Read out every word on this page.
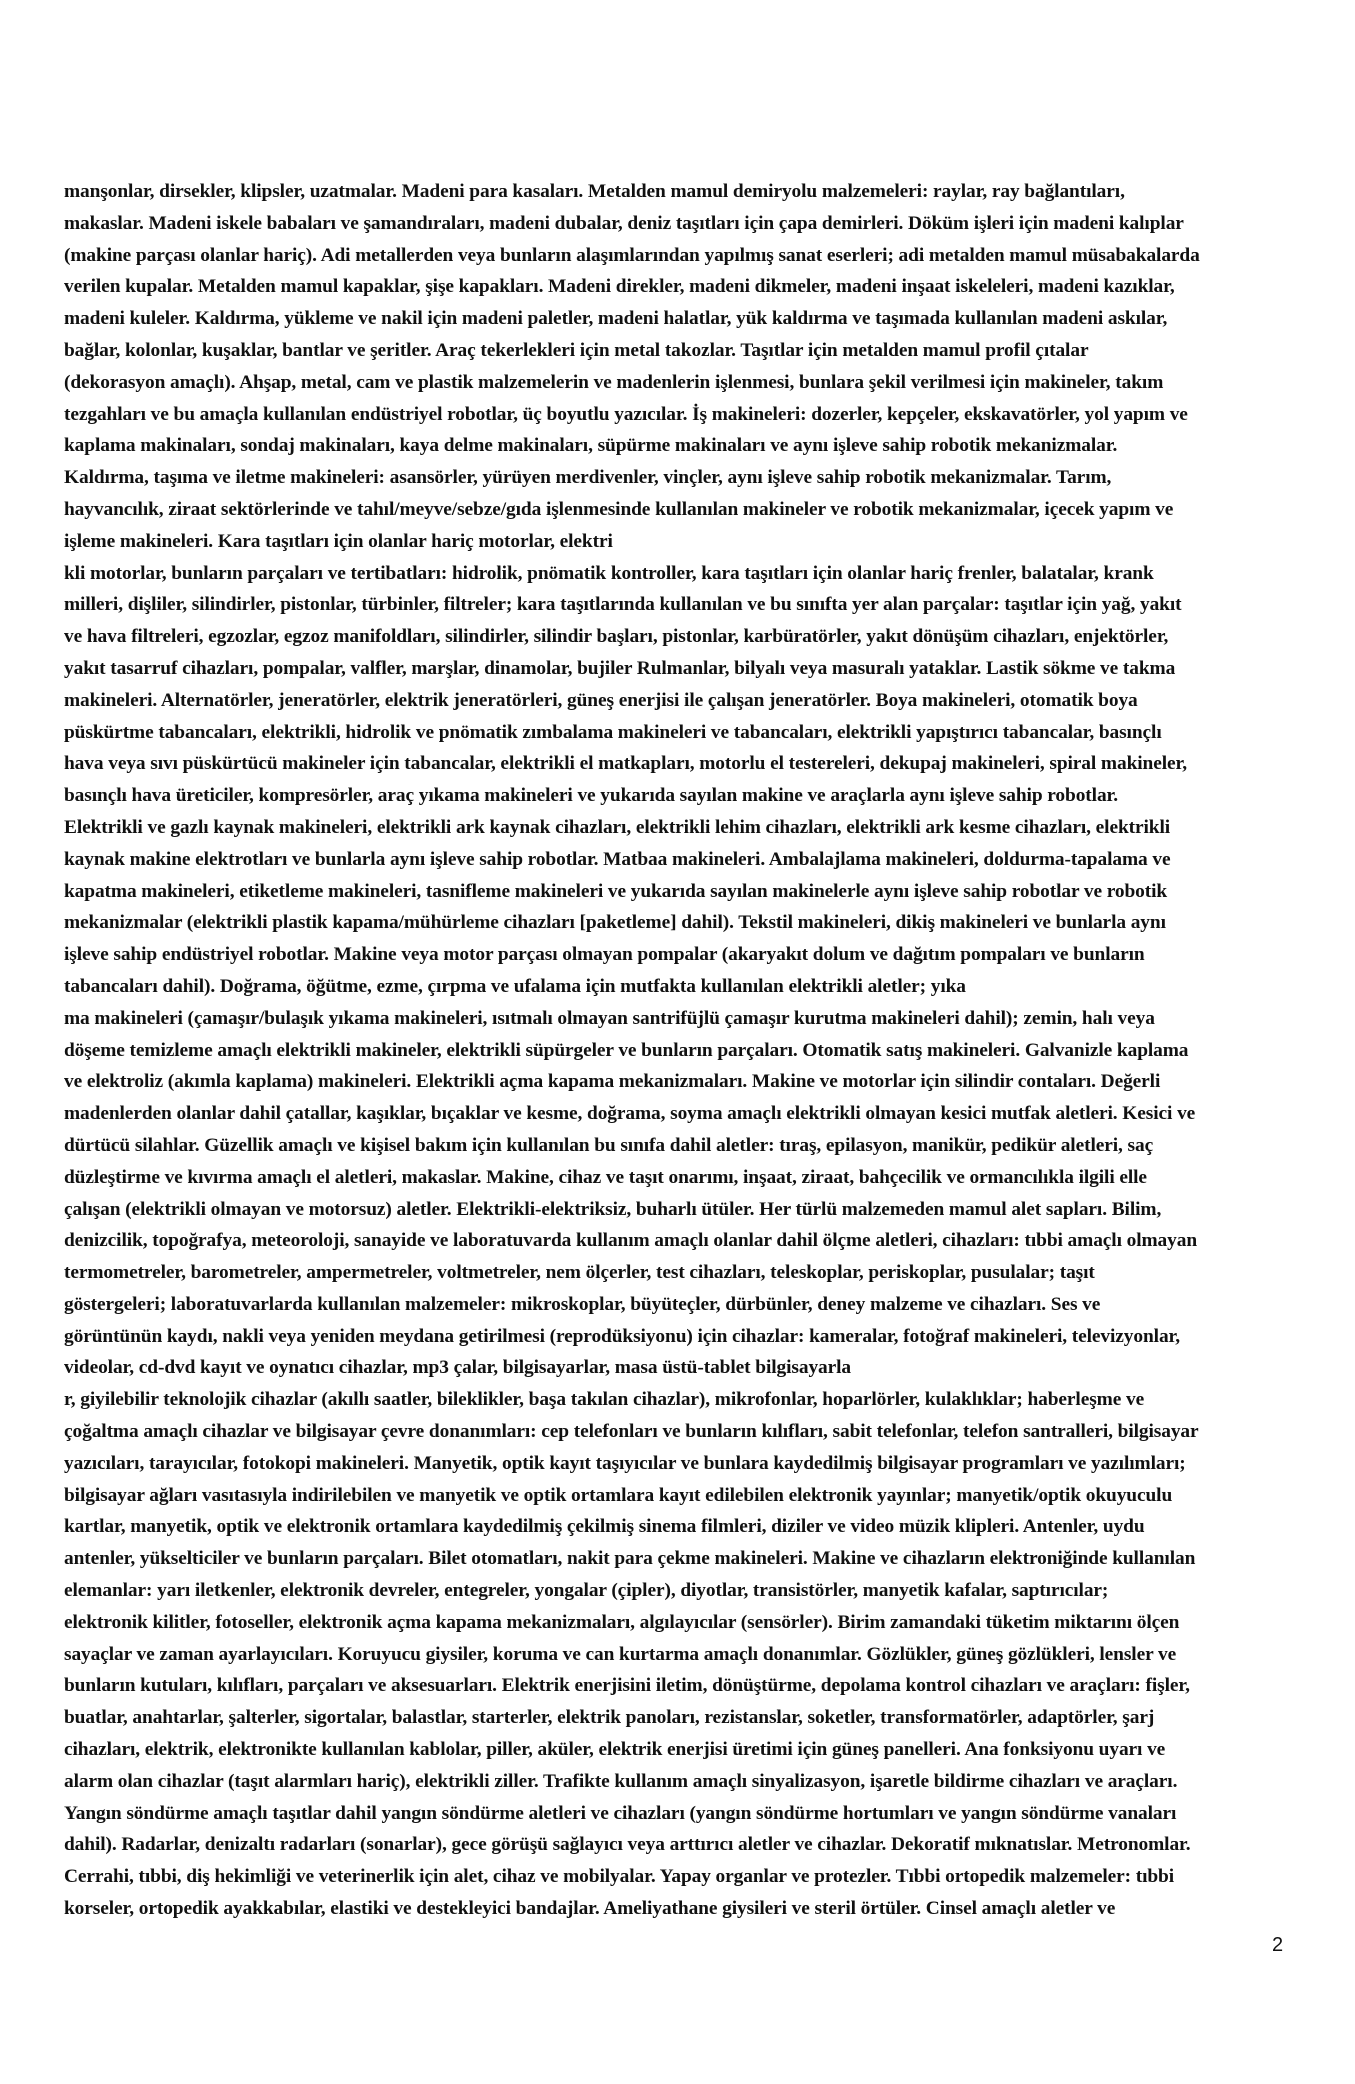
manşonlar, dirsekler, klipsler, uzatmalar. Madeni para kasaları. Metalden mamul demiryolu malzemeleri: raylar, ray bağlantıları,
makaslar. Madeni iskele babaları ve şamandıraları, madeni dubalar, deniz taşıtları için çapa demirleri. Döküm işleri için madeni kalıplar
(makine parçası olanlar hariç). Adi metallerden veya bunların alaşımlarından yapılmış sanat eserleri; adi metalden mamul müsabakalarda
verilen kupalar. Metalden mamul kapaklar, şişe kapakları. Madeni direkler, madeni dikmeler, madeni inşaat iskeleleri, madeni kazıklar,
madeni kuleler. Kaldırma, yükleme ve nakil için madeni paletler, madeni halatlar, yük kaldırma ve taşımada kullanılan madeni askılar,
bağlar, kolonlar, kuşaklar, bantlar ve şeritler. Araç tekerlekleri için metal takozlar. Taşıtlar için metalden mamul profil çıtalar
(dekorasyon amaçlı). Ahşap, metal, cam ve plastik malzemelerin ve madenlerin işlenmesi, bunlara şekil verilmesi için makineler, takım
tezgahları ve bu amaçla kullanılan endüstriyel robotlar, üç boyutlu yazıcılar. İş makineleri: dozerler, kepçeler, ekskavatörler, yol yapım ve
kaplama makinaları, sondaj makinaları, kaya delme makinaları, süpürme makinaları ve aynı işleve sahip robotik mekanizmalar.
Kaldırma, taşıma ve iletme makineleri: asansörler, yürüyen merdivenler, vinçler, aynı işleve sahip robotik mekanizmalar. Tarım,
hayvancılık, ziraat sektörlerinde ve tahıl/meyve/sebze/gıda işlenmesinde kullanılan makineler ve robotik mekanizmalar, içecek yapım ve
işleme makineleri. Kara taşıtları için olanlar hariç motorlar, elektri
kli motorlar, bunların parçaları ve tertibatları: hidrolik, pnömatik kontroller, kara taşıtları için olanlar hariç frenler, balatalar, krank
milleri, dişliler, silindirler, pistonlar, türbinler, filtreler; kara taşıtlarında kullanılan ve bu sınıfta yer alan parçalar: taşıtlar için yağ, yakıt
ve hava filtreleri, egzozlar, egzoz manifoldları, silindirler, silindir başları, pistonlar, karbüratörler, yakıt dönüşüm cihazları, enjektörler,
yakıt tasarruf cihazları, pompalar, valfler, marşlar, dinamolar, bujiler Rulmanlar, bilyalı veya masuralı yataklar. Lastik sökme ve takma
makineleri. Alternatörler, jeneratörler, elektrik jeneratörleri, güneş enerjisi ile çalışan jeneratörler. Boya makineleri, otomatik boya
püskürtme tabancaları, elektrikli, hidrolik ve pnömatik zımbalama makineleri ve tabancaları, elektrikli yapıştırıcı tabancalar, basınçlı
hava veya sıvı püskürtücü makineler için tabancalar, elektrikli el matkapları, motorlu el testereleri, dekupaj makineleri, spiral makineler,
basınçlı hava üreticiler, kompresörler, araç yıkama makineleri ve yukarıda sayılan makine ve araçlarla aynı işleve sahip robotlar.
Elektrikli ve gazlı kaynak makineleri, elektrikli ark kaynak cihazları, elektrikli lehim cihazları, elektrikli ark kesme cihazları, elektrikli
kaynak makine elektrotları ve bunlarla aynı işleve sahip robotlar. Matbaa makineleri. Ambalajlama makineleri, doldurma-tapalama ve
kapatma makineleri, etiketleme makineleri, tasnifleme makineleri ve yukarıda sayılan makinelerle aynı işleve sahip robotlar ve robotik
mekanizmalar (elektrikli plastik kapama/mühürleme cihazları [paketleme] dahil). Tekstil makineleri, dikiş makineleri ve bunlarla aynı
işleve sahip endüstriyel robotlar. Makine veya motor parçası olmayan pompalar (akaryakıt dolum ve dağıtım pompaları ve bunların
tabancaları dahil). Doğrama, öğütme, ezme, çırpma ve ufalama için mutfakta kullanılan elektrikli aletler; yıka
ma makineleri (çamaşır/bulaşık yıkama makineleri, ısıtmalı olmayan santrifüjlü çamaşır kurutma makineleri dahil); zemin, halı veya
döşeme temizleme amaçlı elektrikli makineler, elektrikli süpürgeler ve bunların parçaları. Otomatik satış makineleri. Galvanizle kaplama
ve elektroliz (akımla kaplama) makineleri. Elektrikli açma kapama mekanizmaları. Makine ve motorlar için silindir contaları. Değerli
madenlerden olanlar dahil çatallar, kaşıklar, bıçaklar ve kesme, doğrama, soyma amaçlı elektrikli olmayan kesici mutfak aletleri. Kesici ve
dürtücü silahlar. Güzellik amaçlı ve kişisel bakım için kullanılan bu sınıfa dahil aletler: tıraş, epilasyon, manikür, pedikür aletleri, saç
düzleştirme ve kıvırma amaçlı el aletleri, makaslar. Makine, cihaz ve taşıt onarımı, inşaat, ziraat, bahçecilik ve ormancılıkla ilgili elle
çalışan (elektrikli olmayan ve motorsuz) aletler. Elektrikli-elektriksiz, buharlı ütüler. Her türlü malzemeden mamul alet sapları. Bilim,
denizcilik, topoğrafya, meteoroloji, sanayide ve laboratuvarda kullanım amaçlı olanlar dahil ölçme aletleri, cihazları: tıbbi amaçlı olmayan
termometreler, barometreler, ampermetreler, voltmetreler, nem ölçerler, test cihazları, teleskoplar, periskoplar, pusulalar; taşıt
göstergeleri; laboratuvarlarda kullanılan malzemeler: mikroskoplar, büyüteçler, dürbünler, deney malzeme ve cihazları. Ses ve
görüntünün kaydı, nakli veya yeniden meydana getirilmesi (reprodüksiyonu) için cihazlar: kameralar, fotoğraf makineleri, televizyonlar,
videolar, cd-dvd kayıt ve oynatıcı cihazlar, mp3 çalar, bilgisayarlar, masa üstü-tablet bilgisayarla
r, giyilebilir teknolojik cihazlar (akıllı saatler, bileklikler, başa takılan cihazlar), mikrofonlar, hoparlörler, kulaklıklar; haberleşme ve
çoğaltma amaçlı cihazlar ve bilgisayar çevre donanımları: cep telefonları ve bunların kılıfları, sabit telefonlar, telefon santralleri, bilgisayar
yazıcıları, tarayıcılar, fotokopi makineleri. Manyetik, optik kayıt taşıyıcılar ve bunlara kaydedilmiş bilgisayar programları ve yazılımları;
bilgisayar ağları vasıtasıyla indirilebilen ve manyetik ve optik ortamlara kayıt edilebilen elektronik yayınlar; manyetik/optik okuyuculu
kartlar, manyetik, optik ve elektronik ortamlara kaydedilmiş çekilmiş sinema filmleri, diziler ve video müzik klipleri. Antenler, uydu
antenler, yükselticiler ve bunların parçaları. Bilet otomatları, nakit para çekme makineleri. Makine ve cihazların elektroniğinde kullanılan
elemanlar: yarı iletkenler, elektronik devreler, entegreler, yongalar (çipler), diyotlar, transistörler, manyetik kafalar, saptırıcılar;
elektronik kilitler, fotoseller, elektronik açma kapama mekanizmaları, algılayıcılar (sensörler). Birim zamandaki tüketim miktarını ölçen
sayaçlar ve zaman ayarlayıcıları. Koruyucu giysiler, koruma ve can kurtarma amaçlı donanımlar. Gözlükler, güneş gözlükleri, lensler ve
bunların kutuları, kılıfları, parçaları ve aksesuarları. Elektrik enerjisini iletim, dönüştürme, depolama kontrol cihazları ve araçları: fişler,
buatlar, anahtarlar, şalterler, sigortalar, balastlar, starterler, elektrik panoları, rezistanslar, soketler, transformatörler, adaptörler, şarj
cihazları, elektrik, elektronikte kullanılan kablolar, piller, aküler, elektrik enerjisi üretimi için güneş panelleri. Ana fonksiyonu uyarı ve
alarm olan cihazlar (taşıt alarmları hariç), elektrikli ziller. Trafikte kullanım amaçlı sinyalizasyon, işaretle bildirme cihazları ve araçları.
Yangın söndürme amaçlı taşıtlar dahil yangın söndürme aletleri ve cihazları (yangın söndürme hortumları ve yangın söndürme vanaları
dahil). Radarlar, denizaltı radarları (sonarlar), gece görüşü sağlayıcı veya arttırıcı aletler ve cihazlar. Dekoratif mıknatıslar. Metronomlar.
Cerrahi, tıbbi, diş hekimliği ve veterinerlik için alet, cihaz ve mobilyalar. Yapay organlar ve protezler. Tıbbi ortopedik malzemeler: tıbbi
korseler, ortopedik ayakkabılar, elastiki ve destekleyici bandajlar. Ameliyathane giysileri ve steril örtüler. Cinsel amaçlı aletler ve
2
